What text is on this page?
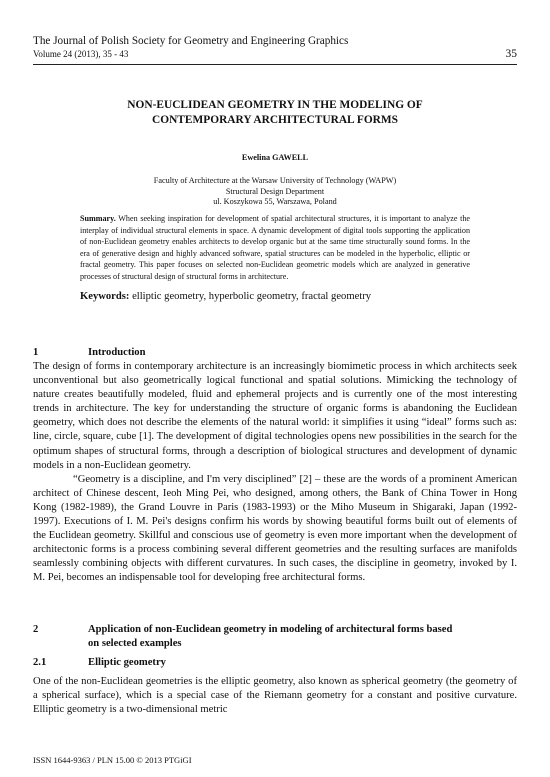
The Journal of Polish Society for Geometry and Engineering Graphics
Volume 24 (2013), 35 - 43	35
NON-EUCLIDEAN GEOMETRY IN THE MODELING OF
CONTEMPORARY ARCHITECTURAL FORMS
Ewelina GAWELL
Faculty of Architecture at the Warsaw University of Technology (WAPW)
Structural Design Department
ul. Koszykowa 55, Warszawa, Poland
Summary. When seeking inspiration for development of spatial architectural structures, it is important to analyze the interplay of individual structural elements in space. A dynamic development of digital tools supporting the application of non-Euclidean geometry enables architects to develop organic but at the same time structurally sound forms. In the era of generative design and highly advanced software, spatial structures can be modeled in the hyperbolic, elliptic or fractal geometry. This paper focuses on selected non-Euclidean geometric models which are analyzed in generative processes of structural design of structural forms in architecture.
Keywords: elliptic geometry, hyperbolic geometry, fractal geometry
1	Introduction

The design of forms in contemporary architecture is an increasingly biomimetic process in which architects seek unconventional but also geometrically logical functional and spatial solutions. Mimicking the technology of nature creates beautifully modeled, fluid and ephemeral projects and is currently one of the most interesting trends in architecture. The key for understanding the structure of organic forms is abandoning the Euclidean geometry, which does not describe the elements of the natural world: it simplifies it using “ideal” forms such as: line, circle, square, cube [1]. The development of digital technologies opens new possibilities in the search for the optimum shapes of structural forms, through a description of biological structures and development of dynamic models in a non-Euclidean geometry.

“Geometry is a discipline, and I'm very disciplined” [2] – these are the words of a prominent American architect of Chinese descent, Ieoh Ming Pei, who designed, among others, the Bank of China Tower in Hong Kong (1982-1989), the Grand Louvre in Paris (1983-1993) or the Miho Museum in Shigaraki, Japan (1992-1997). Executions of I. M. Pei's designs confirm his words by showing beautiful forms built out of elements of the Euclidean geometry. Skillful and conscious use of geometry is even more important when the development of architectonic forms is a process combining several different geometries and the resulting surfaces are manifolds seamlessly combining objects with different curvatures. In such cases, the discipline in geometry, invoked by I. M. Pei, becomes an indispensable tool for developing free architectural forms.

2	Application of non-Euclidean geometry in modeling of architectural forms based
on selected examples
2.1	Elliptic geometry

One of the non-Euclidean geometries is the elliptic geometry, also known as spherical geometry (the geometry of a spherical surface), which is a special case of the Riemann geometry for a constant and positive curvature. Elliptic geometry is a two-dimensional metric

ISSN 1644-9363 / PLN 15.00 © 2013 PTGiGI
